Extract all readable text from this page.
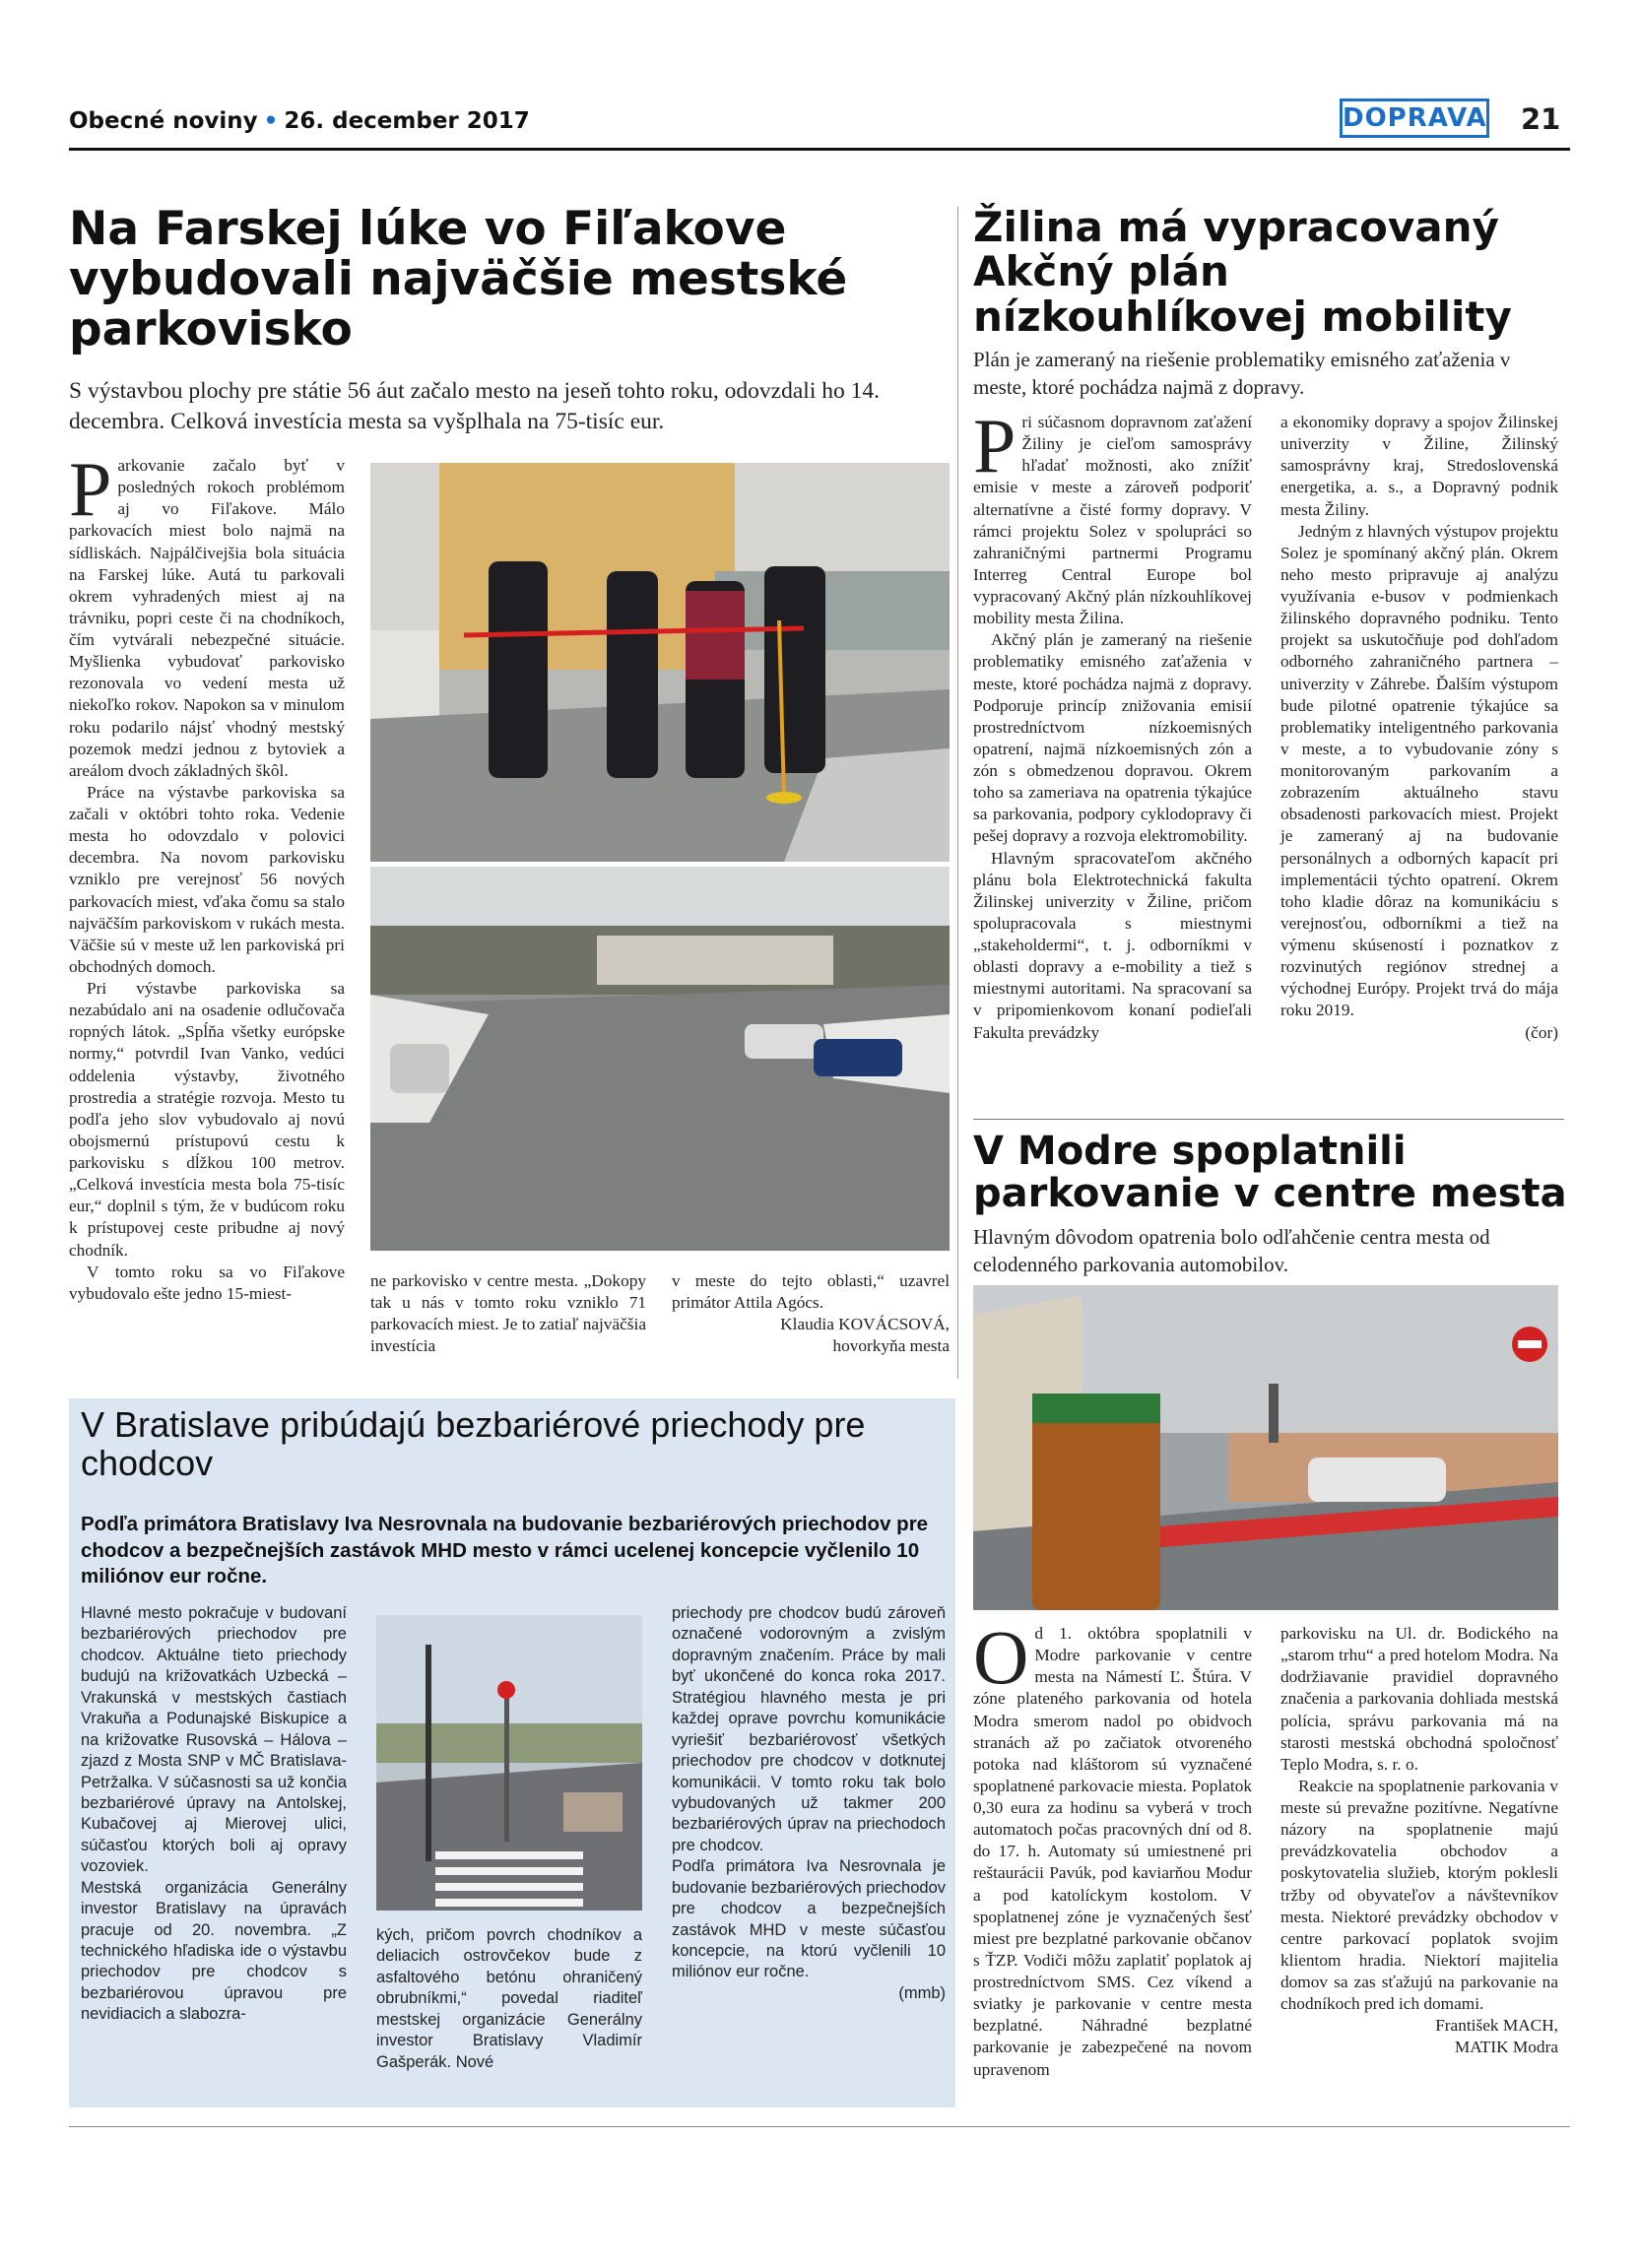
Obecné noviny • 26. december 2017	DOPRAVA 21
Na Farskej lúke vo Fiľakove vybudovali najväčšie mestské parkovisko
S výstavbou plochy pre státie 56 áut začalo mesto na jeseň tohto roku, odovzdali ho 14. decembra. Celková investícia mesta sa vyšplhala na 75-tisíc eur.

Parkovanie začalo byť v posledných rokoch problémom aj vo Fiľakove. Málo parkovacích miest bolo najmä na sídliskách. Najpálčivejšia bola situácia na Farskej lúke. Autá tu parkovali okrem vyhradených miest aj na trávniku, popri ceste či na chodníkoch, čím vytvárali nebezpečné situácie. Myšlienka vybudovať parkovisko rezonovala vo vedení mesta už niekoľko rokov. Napokon sa v minulom roku podarilo nájsť vhodný mestský pozemok medzi jednou z bytoviek a areálom dvoch základných škôl.

Práce na výstavbe parkoviska sa začali v októbri tohto roka. Vedenie mesta ho odovzdalo v polovici decembra. Na novom parkovisku vzniklo pre verejnosť 56 nových parkovacích miest, vďaka čomu sa stalo najväčším parkoviskom v rukách mesta. Väčšie sú v meste už len parkoviská pri obchodných domoch.

Pri výstavbe parkoviska sa nezabúdalo ani na osadenie odlučovača ropných látok. „Spĺňa všetky európske normy,“ potvrdil Ivan Vanko, vedúci oddelenia výstavby, životného prostredia a stratégie rozvoja. Mesto tu podľa jeho slov vybudovalo aj novú obojsmernú prístupovú cestu k parkovisku s dĺžkou 100 metrov. „Celková investícia mesta bola 75-tisíc eur,“ doplnil s tým, že v budúcom roku k prístupovej ceste pribudne aj nový chodník.

V tomto roku sa vo Fiľakove vybudovalo ešte jedno 15-miest-

ne parkovisko v centre mesta. „Dokopy tak u nás v tomto roku vzniklo 71 parkovacích miest. Je to zatiaľ najväčšia investícia

v meste do tejto oblasti,“ uzavrel primátor Attila Agócs.

Klaudia KOVÁCSOVÁ,

hovorkyňa mesta

Žilina má vypracovaný Akčný plán nízkouhlíkovej mobility
Plán je zameraný na riešenie problematiky emisného zaťaženia v meste, ktoré pochádza najmä z dopravy.

Pri súčasnom dopravnom zaťažení Žiliny je cieľom samosprávy hľadať možnosti, ako znížiť emisie v meste a zároveň podporiť alternatívne a čisté formy dopravy. V rámci projektu Solez v spolupráci so zahraničnými partnermi Programu Interreg Central Europe bol vypracovaný Akčný plán nízkouhlíkovej mobility mesta Žilina.

Akčný plán je zameraný na riešenie problematiky emisného zaťaženia v meste, ktoré pochádza najmä z dopravy. Podporuje princíp znižovania emisií prostredníctvom nízkoemisných opatrení, najmä nízkoemisných zón a zón s obmedzenou dopravou. Okrem toho sa zameriava na opatrenia týkajúce sa parkovania, podpory cyklodopravy či pešej dopravy a rozvoja elektromobility.

Hlavným spracovateľom akčného plánu bola Elektrotechnická fakulta Žilinskej univerzity v Žiline, pričom spolupracovala s miestnymi „stakeholdermi“, t. j. odborníkmi v oblasti dopravy a e-mobility a tiež s miestnymi autoritami. Na spracovaní sa v pripomienkovom konaní podieľali Fakulta prevádzky

a ekonomiky dopravy a spojov Žilinskej univerzity v Žiline, Žilinský samosprávny kraj, Stredoslovenská energetika, a. s., a Dopravný podnik mesta Žiliny.

Jedným z hlavných výstupov projektu Solez je spomínaný akčný plán. Okrem neho mesto pripravuje aj analýzu využívania e-busov v podmienkach žilinského dopravného podniku. Tento projekt sa uskutočňuje pod dohľadom odborného zahraničného partnera – univerzity v Záhrebe. Ďalším výstupom bude pilotné opatrenie týkajúce sa problematiky inteligentného parkovania v meste, a to vybudovanie zóny s monitorovaným parkovaním a zobrazením aktuálneho stavu obsadenosti parkovacích miest. Projekt je zameraný aj na budovanie personálnych a odborných kapacít pri implementácii týchto opatrení. Okrem toho kladie dôraz na komunikáciu s verejnosťou, odborníkmi a tiež na výmenu skúseností i poznatkov z rozvinutých regiónov strednej a východnej Európy. Projekt trvá do mája roku 2019.

(čor)

V Modre spoplatnili parkovanie v centre mesta
Hlavným dôvodom opatrenia bolo odľahčenie centra mesta od celodenného parkovania automobilov.

Od 1. októbra spoplatnili v Modre parkovanie v centre mesta na Námestí Ľ. Štúra. V zóne plateného parkovania od hotela Modra smerom nadol po obidvoch stranách až po začiatok otvoreného potoka nad kláštorom sú vyznačené spoplatnené parkovacie miesta. Poplatok 0,30 eura za hodinu sa vyberá v troch automatoch počas pracovných dní od 8. do 17. h. Automaty sú umiestnené pri reštaurácii Pavúk, pod kaviarňou Modur a pod katolíckym kostolom. V spoplatnenej zóne je vyznačených šesť miest pre bezplatné parkovanie občanov s ŤZP. Vodiči môžu zaplatiť poplatok aj prostredníctvom SMS. Cez víkend a sviatky je parkovanie v centre mesta bezplatné. Náhradné bezplatné parkovanie je zabezpečené na novom upravenom

parkovisku na Ul. dr. Bodického na „starom trhu“ a pred hotelom Modra. Na dodržiavanie pravidiel dopravného značenia a parkovania dohliada mestská polícia, správu parkovania má na starosti mestská obchodná spoločnosť Teplo Modra, s. r. o.

Reakcie na spoplatnenie parkovania v meste sú prevažne pozitívne. Negatívne názory na spoplatnenie majú prevádzkovatelia obchodov a poskytovatelia služieb, ktorým poklesli tržby od obyvateľov a návštevníkov mesta. Niektoré prevádzky obchodov v centre parkovací poplatok svojim klientom hradia. Niektorí majitelia domov sa zas sťažujú na parkovanie na chodníkoch pred ich domami.

František MACH,

MATIK Modra

V Bratislave pribúdajú bezbariérové priechody pre chodcov
Podľa primátora Bratislavy Iva Nesrovnala na budovanie bezbariérových priechodov pre chodcov a bezpečnejších zastávok MHD mesto v rámci ucelenej koncepcie vyčlenilo 10 miliónov eur ročne.

Hlavné mesto pokračuje v budovaní bezbariérových priechodov pre chodcov. Aktuálne tieto priechody budujú na križovatkách Uzbecká – Vrakunská v mestských častiach Vrakuňa a Podunajské Biskupice a na križovatke Rusovská – Hálova – zjazd z Mosta SNP v MČ Bratislava-Petržalka. V súčasnosti sa už končia bezbariérové úpravy na Antolskej, Kubačovej aj Mierovej ulici, súčasťou ktorých boli aj opravy vozoviek.

Mestská organizácia Generálny investor Bratislavy na úpravách pracuje od 20. novembra. „Z technického hľadiska ide o výstavbu priechodov pre chodcov s bezbariérovou úpravou pre nevidiacich a slabozra-

kých, pričom povrch chodníkov a deliacich ostrovčekov bude z asfaltového betónu ohraničený obrubníkmi,“ povedal riaditeľ mestskej organizácie Generálny investor Bratislavy Vladimír Gašperák. Nové

priechody pre chodcov budú zároveň označené vodorovným a zvislým dopravným značením. Práce by mali byť ukončené do konca roka 2017. Stratégiou hlavného mesta je pri každej oprave povrchu komunikácie vyriešiť bezbariérovosť všetkých priechodov pre chodcov v dotknutej komunikácii. V tomto roku tak bolo vybudovaných už takmer 200 bezbariérových úprav na priechodoch pre chodcov.

Podľa primátora Iva Nesrovnala je budovanie bezbariérových priechodov pre chodcov a bezpečnejších zastávok MHD v meste súčasťou koncepcie, na ktorú vyčlenili 10 miliónov eur ročne.

(mmb)
